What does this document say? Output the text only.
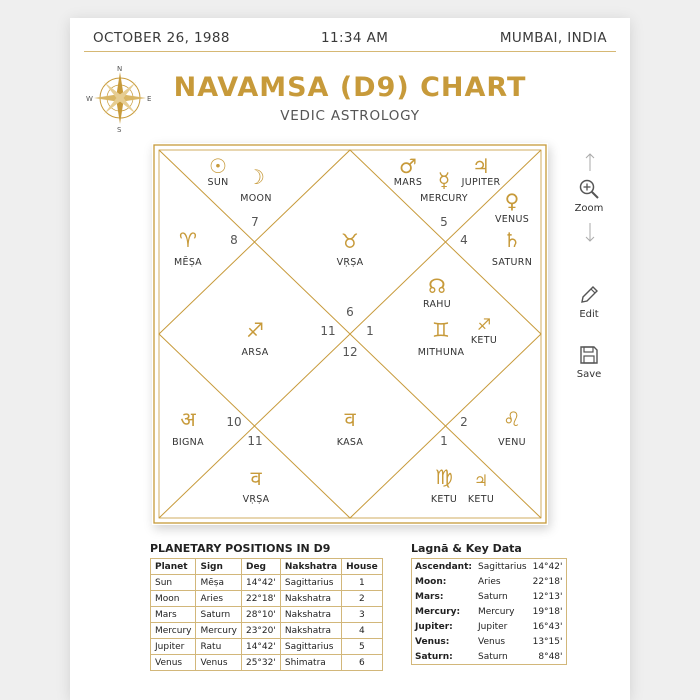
OCTOBER 26, 1988	11:34 AM	MUMBAI, INDIA
N
S
E
W	NAVAMSA (D9) CHART
VEDIC ASTROLOGY
☉
SUN ☽
MOON
♂
MARS ☿
MERCURY
♃
JUPITER
♀
VENUS
♄
SATURN
♈
MĒṢA
♉
VṚṢA
☊
RAHU
♊
MITHUNA
♐
KETU
♐
ARSA
अ
BIGNA
व
KASA
♌
VENU
व
VṚṢA
♍
KETU
♃
KETU
7
8
5
4
6
11	1
12
10
11
2
1
Zoom
Edit
Save
PLANETARY POSITIONS IN D9
Planet	Sign	Deg	Nakshatra	House
Sun	Mēṣa	14°42'	Sagittarius	1
Moon	Aries	22°18'	Nakshatra	2
Mars	Saturn	28°10'	Nakshatra	3
Mercury	Mercury	23°20'	Nakshatra	4
Jupiter	Ratu	14°42'	Sagittarius	5
Venus	Venus	25°32'	Shimatra	6
Lagnā & Key Data
Ascendant:	Sagittarius	14°42'
Moon:	Aries	22°18'
Mars:	Saturn	12°13'
Mercury:	Mercury	19°18'
Jupiter:	Jupiter	16°43'
Venus:	Venus	13°15'
Saturn:	Saturn	8°48'
